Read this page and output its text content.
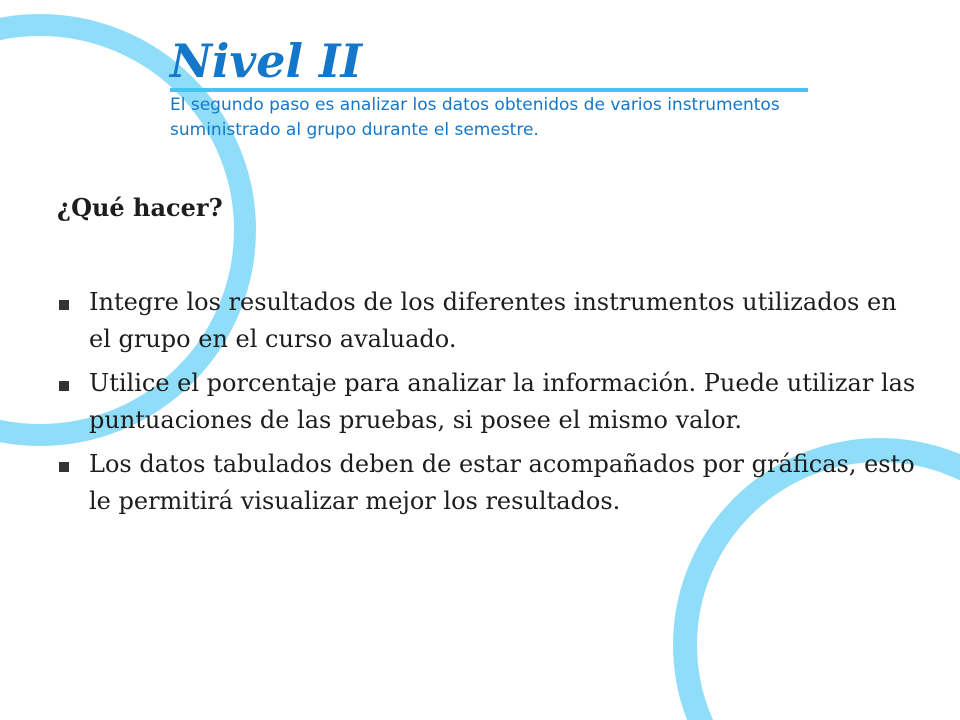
Nivel II

El segundo paso es analizar los datos obtenidos de varios instrumentos suministrado al grupo durante el semestre.

¿Qué hacer?
Integre los resultados de los diferentes instrumentos utilizados en el grupo en el curso avaluado.
Utilice el porcentaje para analizar la información. Puede utilizar las puntuaciones de las pruebas, si posee el mismo valor.
Los datos tabulados deben de estar acompañados por gráficas, esto le permitirá visualizar mejor los resultados.
